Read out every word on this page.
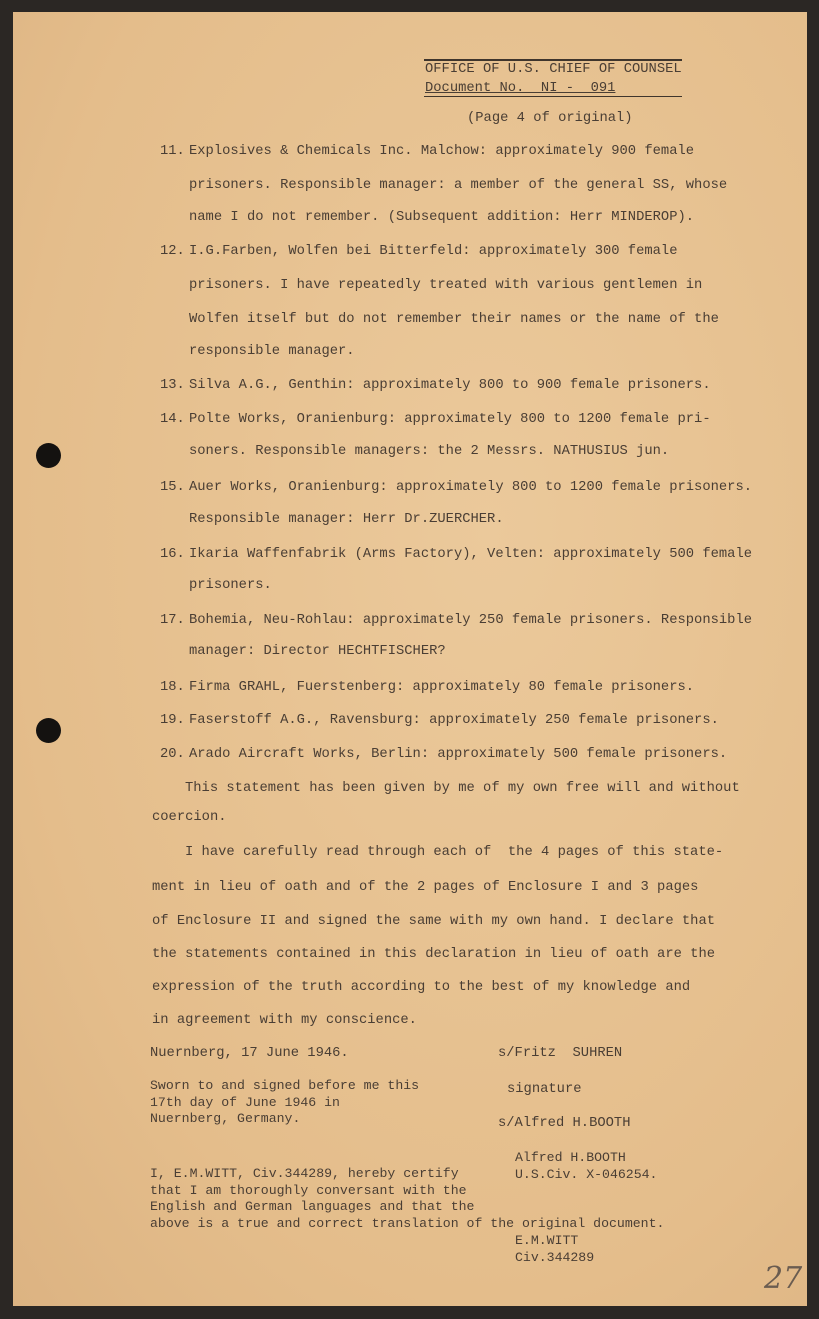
OFFICE OF U.S. CHIEF OF COUNSEL
Document No.  NI -  091
(Page 4 of original)
11. Explosives & Chemicals Inc. Malchow: approximately 900 female
prisoners. Responsible manager: a member of the general SS, whose
name I do not remember. (Subsequent addition: Herr MINDEROP).
12. I.G.Farben, Wolfen bei Bitterfeld: approximately 300 female
prisoners. I have repeatedly treated with various gentlemen in
Wolfen itself but do not remember their names or the name of the
responsible manager.
13. Silva A.G., Genthin: approximately 800 to 900 female prisoners.
14. Polte Works, Oranienburg: approximately 800 to 1200 female pri-
soners. Responsible managers: the 2 Messrs. NATHUSIUS jun.
15. Auer Works, Oranienburg: approximately 800 to 1200 female prisoners.
Responsible manager: Herr Dr.ZUERCHER.
16. Ikaria Waffenfabrik (Arms Factory), Velten: approximately 500 female
prisoners.
17. Bohemia, Neu-Rohlau: approximately 250 female prisoners. Responsible
manager: Director HECHTFISCHER?
18. Firma GRAHL, Fuerstenberg: approximately 80 female prisoners.
19. Faserstoff A.G., Ravensburg: approximately 250 female prisoners.
20. Arado Aircraft Works, Berlin: approximately 500 female prisoners.
This statement has been given by me of my own free will and without
coercion.
I have carefully read through each of  the 4 pages of this state-
ment in lieu of oath and of the 2 pages of Enclosure I and 3 pages
of Enclosure II and signed the same with my own hand. I declare that
the statements contained in this declaration in lieu of oath are the
expression of the truth according to the best of my knowledge and
in agreement with my conscience.
Nuernberg, 17 June 1946.	s/Fritz  SUHREN
Sworn to and signed before me this
17th day of June 1946 in
Nuernberg, Germany.
signature
s/Alfred H.BOOTH
Alfred H.BOOTH
U.S.Civ. X-046254.
I, E.M.WITT, Civ.344289, hereby certify
that I am thoroughly conversant with the
English and German languages and that the
above is a true and correct translation of the original document.
E.M.WITT
Civ.344289
27
